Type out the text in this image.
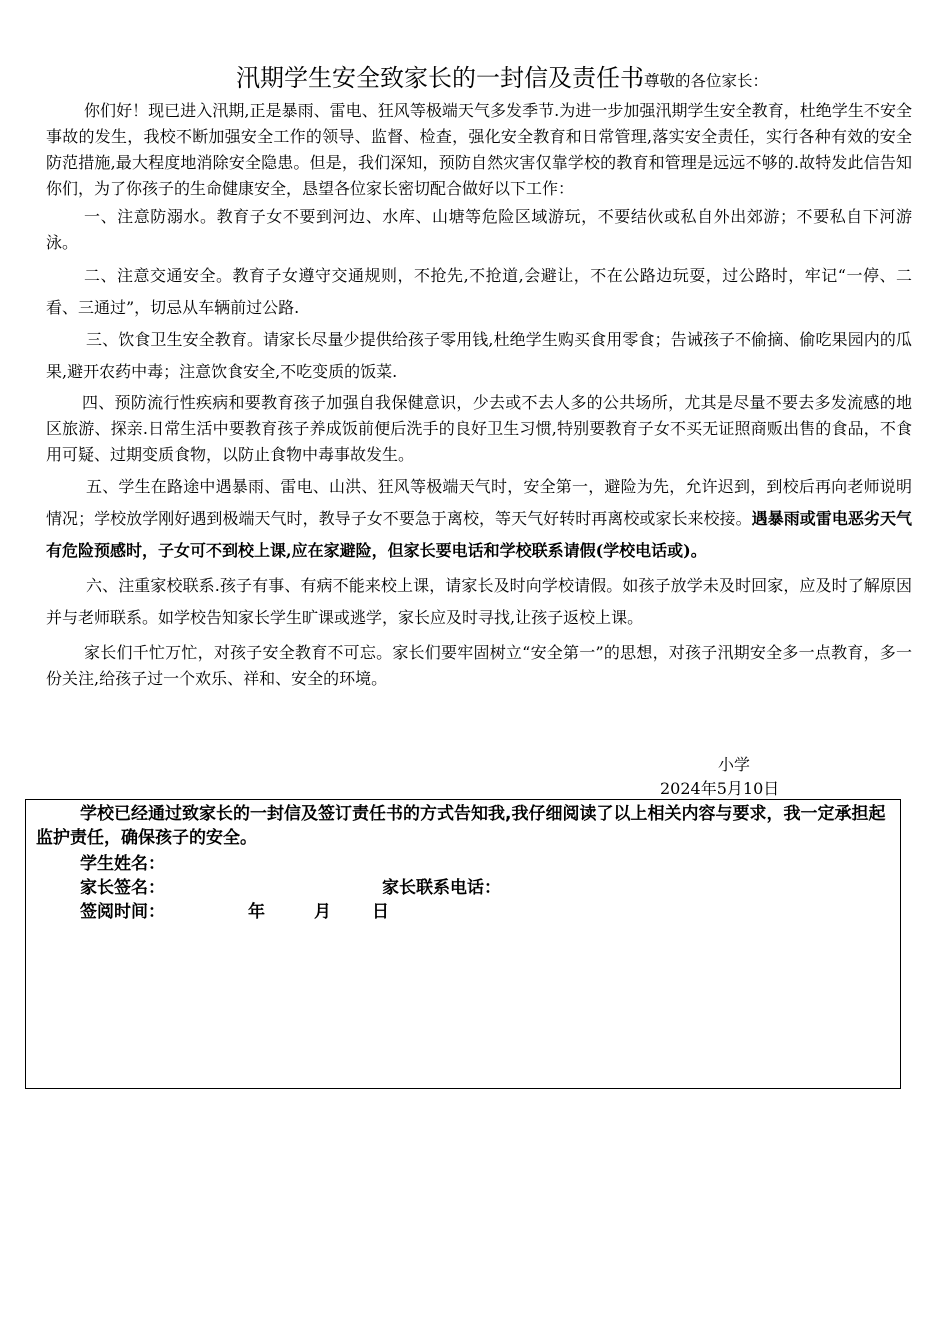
汛期学生安全致家长的一封信及责任书尊敬的各位家长：

你们好！现已进入汛期,正是暴雨、雷电、狂风等极端天气多发季节.为进一步加强汛期学生安全教育，杜绝学生不安全事故的发生，我校不断加强安全工作的领导、监督、检查，强化安全教育和日常管理,落实安全责任，实行各种有效的安全防范措施,最大程度地消除安全隐患。但是，我们深知，预防自然灾害仅靠学校的教育和管理是远远不够的.故特发此信告知你们，为了你孩子的生命健康安全，恳望各位家长密切配合做好以下工作：

一、注意防溺水。教育子女不要到河边、水库、山塘等危险区域游玩，不要结伙或私自外出郊游；不要私自下河游泳。

二、注意交通安全。教育子女遵守交通规则，不抢先,不抢道,会避让，不在公路边玩耍，过公路时，牢记“一停、二看、三通过”，切忌从车辆前过公路.

三、饮食卫生安全教育。请家长尽量少提供给孩子零用钱,杜绝学生购买食用零食；告诫孩子不偷摘、偷吃果园内的瓜果,避开农药中毒；注意饮食安全,不吃变质的饭菜.

四、预防流行性疾病和要教育孩子加强自我保健意识，少去或不去人多的公共场所，尤其是尽量不要去多发流感的地区旅游、探亲.日常生活中要教育孩子养成饭前便后洗手的良好卫生习惯,特别要教育子女不买无证照商贩出售的食品，不食用可疑、过期变质食物，以防止食物中毒事故发生。

五、学生在路途中遇暴雨、雷电、山洪、狂风等极端天气时，安全第一，避险为先，允许迟到，到校后再向老师说明情况；学校放学刚好遇到极端天气时，教导子女不要急于离校，等天气好转时再离校或家长来校接。遇暴雨或雷电恶劣天气有危险预感时，子女可不到校上课,应在家避险，但家长要电话和学校联系请假(学校电话或)。

六、注重家校联系.孩子有事、有病不能来校上课，请家长及时向学校请假。如孩子放学未及时回家，应及时了解原因并与老师联系。如学校告知家长学生旷课或逃学，家长应及时寻找,让孩子返校上课。

家长们千忙万忙，对孩子安全教育不可忘。家长们要牢固树立“安全第一”的思想，对孩子汛期安全多一点教育，多一份关注,给孩子过一个欢乐、祥和、安全的环境。

小学
2024年5月10日

学校已经通过致家长的一封信及签订责任书的方式告知我,我仔细阅读了以上相关内容与要求，我一定承担起监护责任，确保孩子的安全。

学生姓名：
家长签名：	家长联系电话：
签阅时间：	年	月 日
